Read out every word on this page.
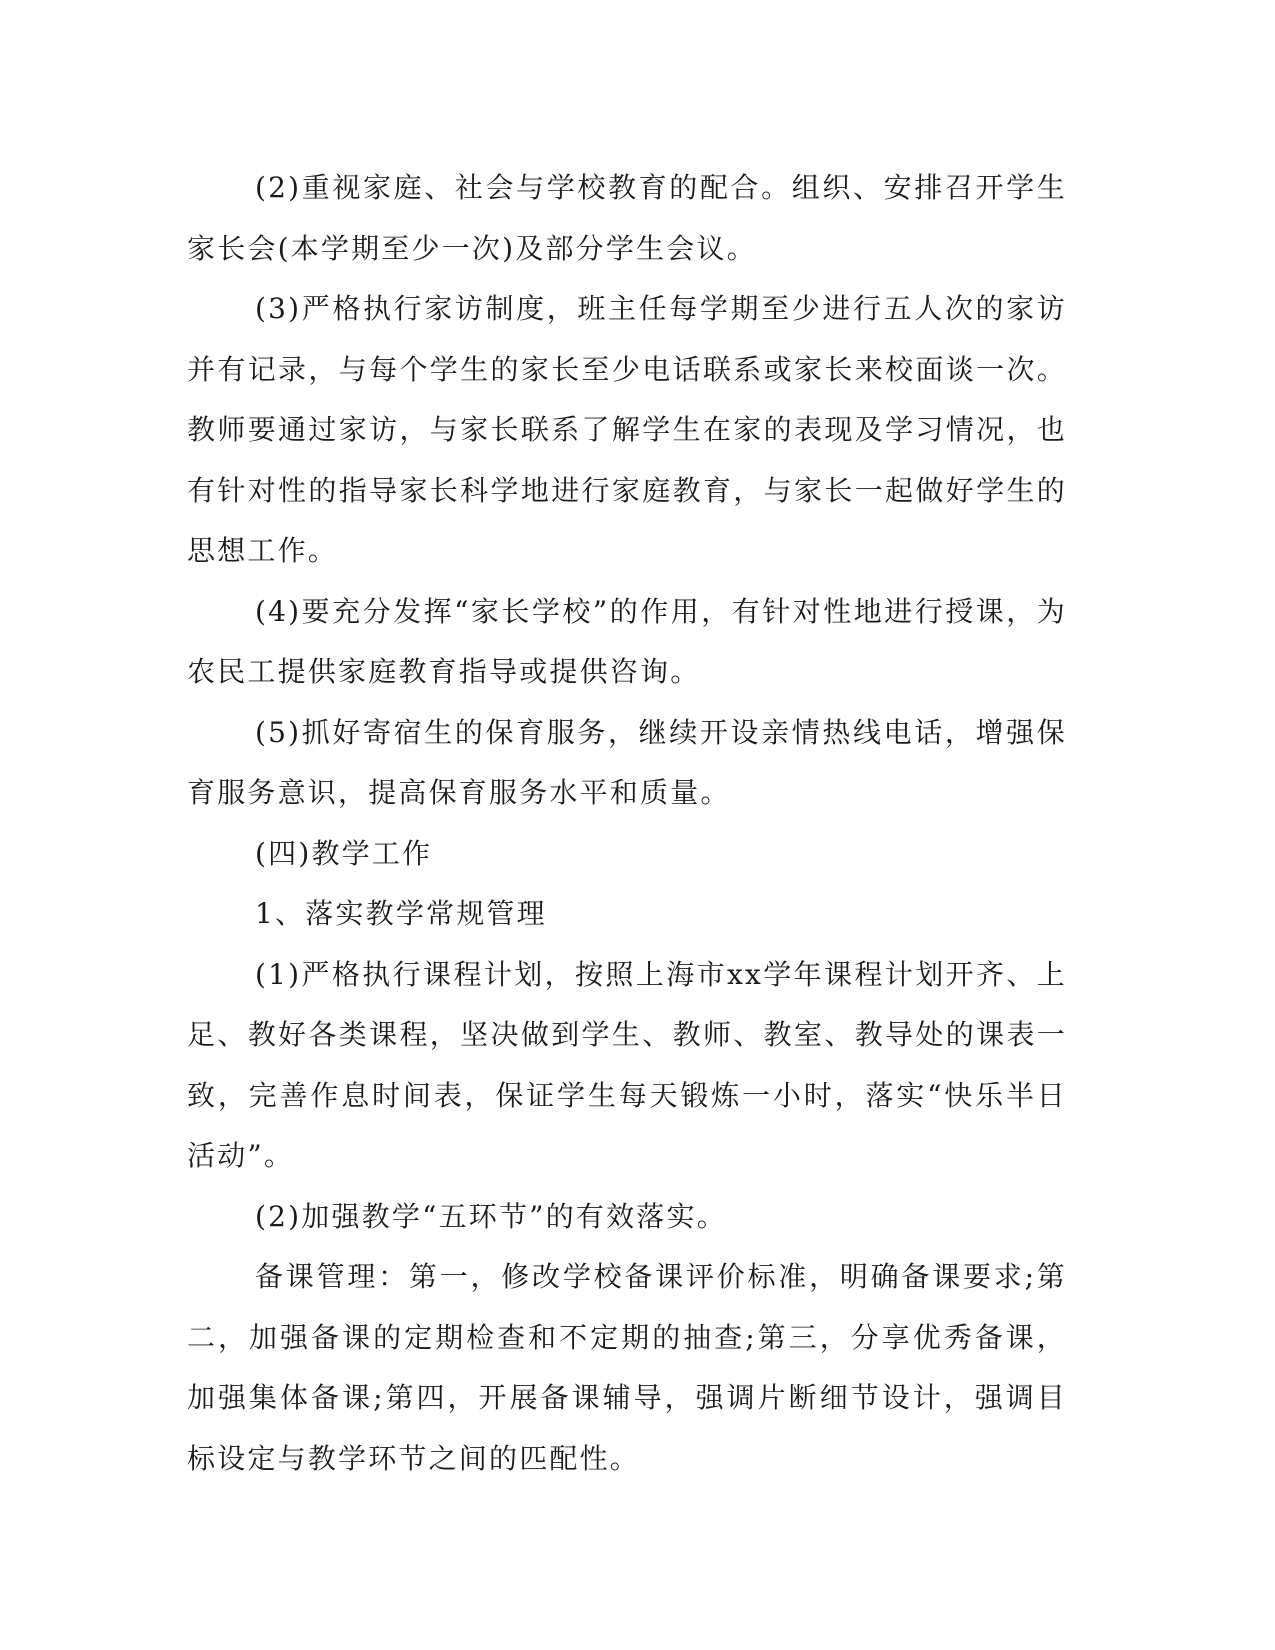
(2)重视家庭、社会与学校教育的配合。组织、安排召开学生家长会(本学期至少一次)及部分学生会议。

(3)严格执行家访制度，班主任每学期至少进行五人次的家访并有记录，与每个学生的家长至少电话联系或家长来校面谈一次。教师要通过家访，与家长联系了解学生在家的表现及学习情况，也有针对性的指导家长科学地进行家庭教育，与家长一起做好学生的思想工作。

(4)要充分发挥“家长学校”的作用，有针对性地进行授课，为农民工提供家庭教育指导或提供咨询。

(5)抓好寄宿生的保育服务，继续开设亲情热线电话，增强保育服务意识，提高保育服务水平和质量。

(四)教学工作

1、落实教学常规管理

(1)严格执行课程计划，按照上海市xx学年课程计划开齐、上足、教好各类课程，坚决做到学生、教师、教室、教导处的课表一致，完善作息时间表，保证学生每天锻炼一小时，落实“快乐半日活动”。

(2)加强教学“五环节”的有效落实。

备课管理：第一，修改学校备课评价标准，明确备课要求;第二，加强备课的定期检查和不定期的抽查;第三，分享优秀备课，加强集体备课;第四，开展备课辅导，强调片断细节设计，强调目标设定与教学环节之间的匹配性。
